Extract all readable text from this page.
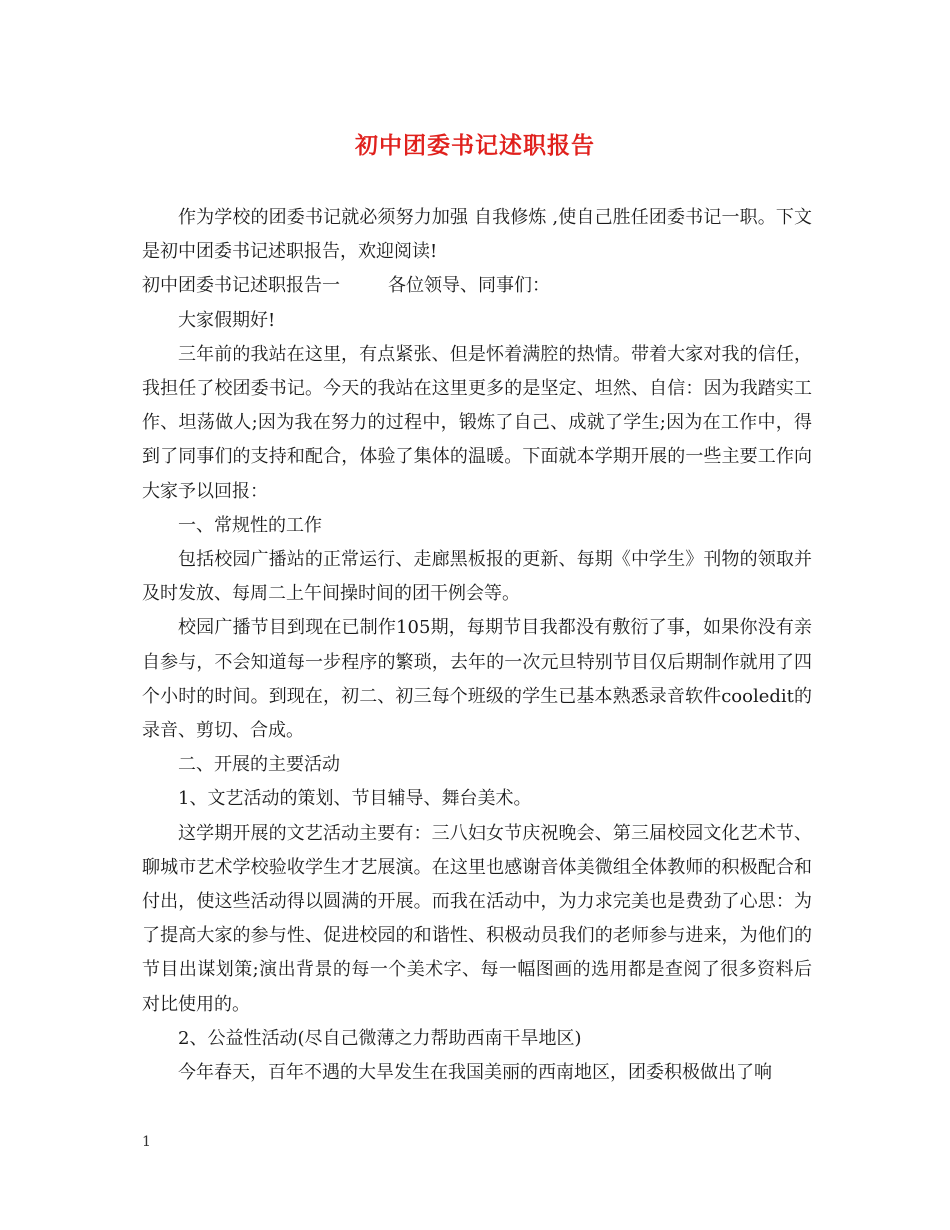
初中团委书记述职报告

作为学校的团委书记就必须努力加强 自我修炼 ,使自己胜任团委书记一职。下文是初中团委书记述职报告，欢迎阅读!

初中团委书记述职报告一	各位领导、同事们：

大家假期好!

三年前的我站在这里，有点紧张、但是怀着满腔的热情。带着大家对我的信任，我担任了校团委书记。今天的我站在这里更多的是坚定、坦然、自信：因为我踏实工作、坦荡做人;因为我在努力的过程中，锻炼了自己、成就了学生;因为在工作中，得到了同事们的支持和配合，体验了集体的温暖。下面就本学期开展的一些主要工作向大家予以回报：

一、常规性的工作

包括校园广播站的正常运行、走廊黑板报的更新、每期《中学生》刊物的领取并及时发放、每周二上午间操时间的团干例会等。

校园广播节目到现在已制作105期，每期节目我都没有敷衍了事，如果你没有亲自参与，不会知道每一步程序的繁琐，去年的一次元旦特别节目仅后期制作就用了四个小时的时间。到现在，初二、初三每个班级的学生已基本熟悉录音软件cooledit的录音、剪切、合成。

二、开展的主要活动

1、文艺活动的策划、节目辅导、舞台美术。

这学期开展的文艺活动主要有：三八妇女节庆祝晚会、第三届校园文化艺术节、聊城市艺术学校验收学生才艺展演。在这里也感谢音体美微组全体教师的积极配合和付出，使这些活动得以圆满的开展。而我在活动中，为力求完美也是费劲了心思：为了提高大家的参与性、促进校园的和谐性、积极动员我们的老师参与进来，为他们的节目出谋划策;演出背景的每一个美术字、每一幅图画的选用都是查阅了很多资料后对比使用的。

2、公益性活动(尽自己微薄之力帮助西南干旱地区)

今年春天，百年不遇的大旱发生在我国美丽的西南地区，团委积极做出了响

1
